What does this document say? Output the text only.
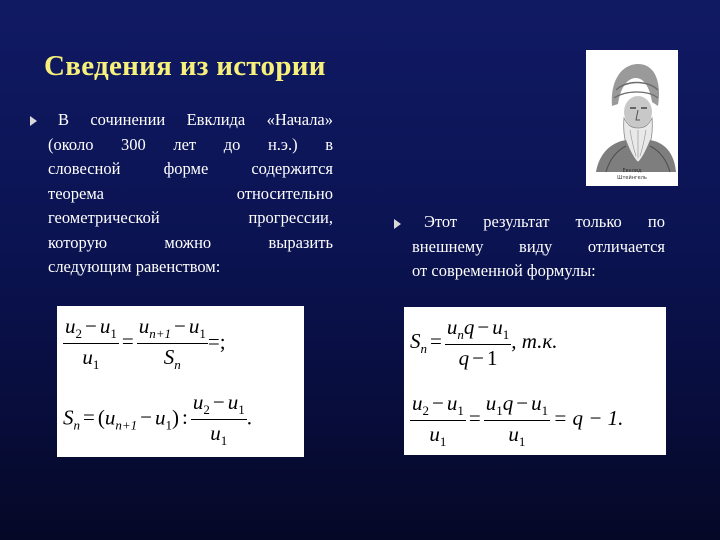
Сведения из истории
В сочинении Евклида «Начала»
(около 300 лет до н.э.) в
словесной форме содержится
теорема относительно
геометрической прогрессии,
которую можно выразить
следующим равенством:
Евклид
Штейнгель
Этот результат только по
внешнему виду отличается
от современной формулы:
$\frac{u_2 - u_1}{u_1} = \frac{u_{n+1} - u_1}{S_n}$ =;
$S_n = (u_{n+1} - u_1)$ : $\frac{u_2 - u_1}{u_1}$ .
$S_n = \frac{u_nq - u_1}{q - 1}$ , т.к.
$\frac{u_2 - u_1}{u_1} = \frac{u_1q - u_1}{u_1} = q - 1$.
